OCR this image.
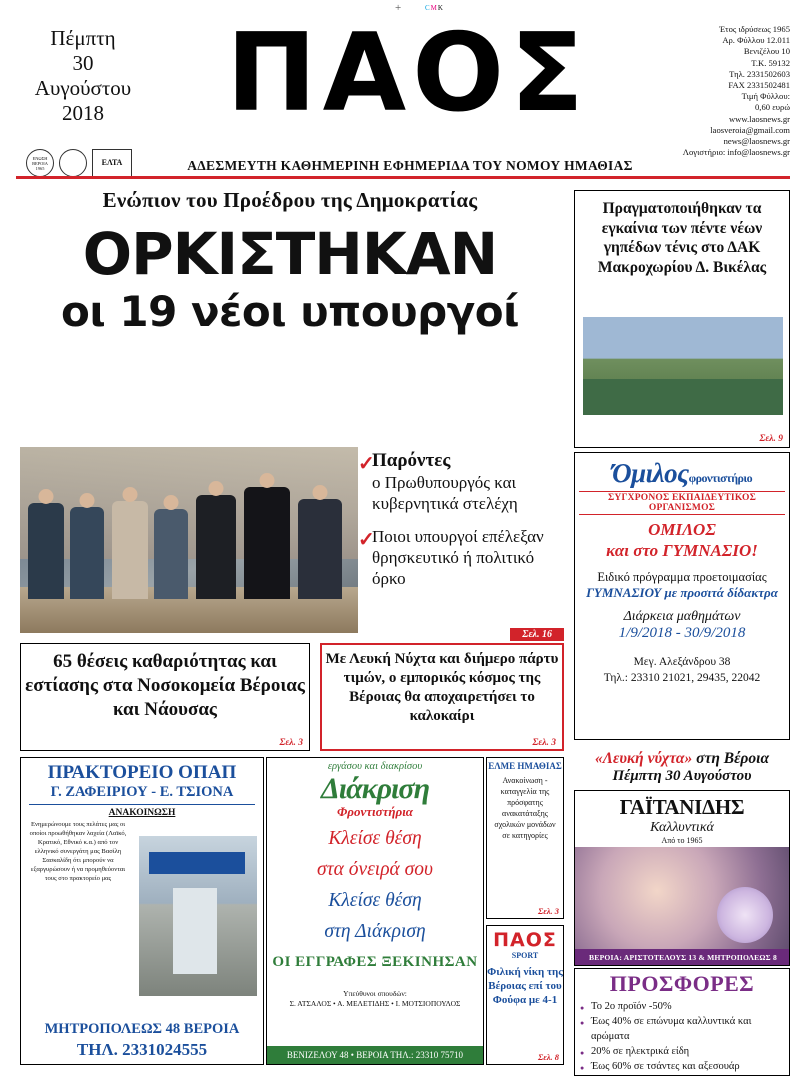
+	CMK
Πέμπτη
30
Αυγούστου
2018	ΠΑΟΣ
ΑΔΕΣΜΕΥΤΗ ΚΑΘΗΜΕΡΙΝΗ ΕΦΗΜΕΡΙΔΑ ΤΟΥ ΝΟΜΟΥ ΗΜΑΘΙΑΣ
Έτος ιδρύσεως 1965
Αρ. Φύλλου 12.011
Βενιζέλου 10
Τ.Κ. 59132
Τηλ. 2331502603
FAX 2331502481
Τιμή Φύλλου:
0,60 ευρώ
www.laosnews.gr
laosveroia@gmail.com
news@laosnews.gr
Λογιστήριο: info@laosnews.gr
ΕΝΩΣΗ
ΒΕΡΟΙΑ
1965
ΕΛΤΑ
Ενώπιον του Προέδρου της Δημοκρατίας
ΟΡΚΙΣΤΗΚΑΝ
οι 19 νέοι υπουργοί
✓
Παρόντες
ο Πρωθυπουργός και κυβερνητικά στελέχη
✓
Ποιοι υπουργοί επέλεξαν
θρησκευτικό ή πολιτικό όρκο
Σελ. 16
Πραγματοποιήθηκαν τα εγκαίνια των πέντε νέων γηπέδων τένις στο ΔΑΚ Μακροχωρίου Δ. Βικέλας
Σελ. 9
Όμιλοςφροντιστήριο
ΣΥΓΧΡΟΝΟΣ ΕΚΠΑΙΔΕΥΤΙΚΟΣ ΟΡΓΑΝΙΣΜΟΣ
ΟΜΙΛΟΣ
και στο ΓΥΜΝΑΣΙΟ!
Ειδικό πρόγραμμα προετοιμασίας
ΓΥΜΝΑΣΙΟΥ με προσιτά δίδακτρα
Διάρκεια μαθημάτων
1/9/2018 - 30/9/2018
Μεγ. Αλεξάνδρου 38
Τηλ.: 23310 21021, 29435, 22042
«Λευκή νύχτα» στη Βέροια
Πέμπτη 30 Αυγούστου
ΓΑΪΤΑΝΙΔΗΣ
Καλλυντικά
Από το 1965
ΒΕΡΟΙΑ: ΑΡΙΣΤΟΤΕΛΟΥΣ 13 & ΜΗΤΡΟΠΟΛΕΩΣ 8
ΠΡΟΣΦΟΡΕΣ
● Το 2ο προϊόν -50%
● Έως 40% σε επώνυμα καλλυντικά και αρώματα
● 20% σε ηλεκτρικά είδη
● Έως 60% σε τσάντες και αξεσουάρ
65 θέσεις καθαριότητας και εστίασης στα Νοσοκομεία Βέροιας και Νάουσας
Σελ. 3
Με Λευκή Νύχτα και διήμερο πάρτυ τιμών, ο εμπορικός κόσμος της Βέροιας θα αποχαιρετήσει το καλοκαίρι
Σελ. 3
ΠΡΑΚΤΟΡΕΙΟ ΟΠΑΠ
Γ. ΖΑΦΕΙΡΙΟΥ - Ε. ΤΣΙΟΝΑ
ΑΝΑΚΟΙΝΩΣΗ
Ενημερώνουμε τους πελάτες μας οι οποίοι προωθήθηκαν λαχεία (Λαϊκό, Κρατικό, Εθνικό κ.α.) από τον ελληνικό συνεργάτη μας Βασίλη Σασκαλίδη ότι μπορούν να εξαργυρώσουν ή να προμηθεύονται τους στο πρακτορείο μας
ΜΗΤΡΟΠΟΛΕΩΣ 48 ΒΕΡΟΙΑ
ΤΗΛ. 2331024555
εργάσου και διακρίσου
Διάκριση
Φροντιστήρια
Κλείσε θέση
στα όνειρά σου
Κλείσε θέση
στη Διάκριση
ΟΙ ΕΓΓΡΑΦΕΣ ΞΕΚΙΝΗΣΑΝ
Υπεύθυνοι σπουδών:
Σ. ΑΤΣΑΛΟΣ • Α. ΜΕΛΕΤΙΔΗΣ • Ι. ΜΟΤΣΙΟΠΟΥΛΟΣ
ΒΕΝΙΖΕΛΟΥ 48 • ΒΕΡΟΙΑ ΤΗΛ.: 23310 75710
ΕΛΜΕ ΗΜΑΘΙΑΣ
Ανακοίνωση - καταγγελία της πρόσφατης ανακατάταξης σχολικών μονάδων σε κατηγορίες
Σελ. 3
ΠΑΟΣ
SPORT
Φιλική νίκη της Βέροιας επί του Φούφα με 4-1
Σελ. 8
